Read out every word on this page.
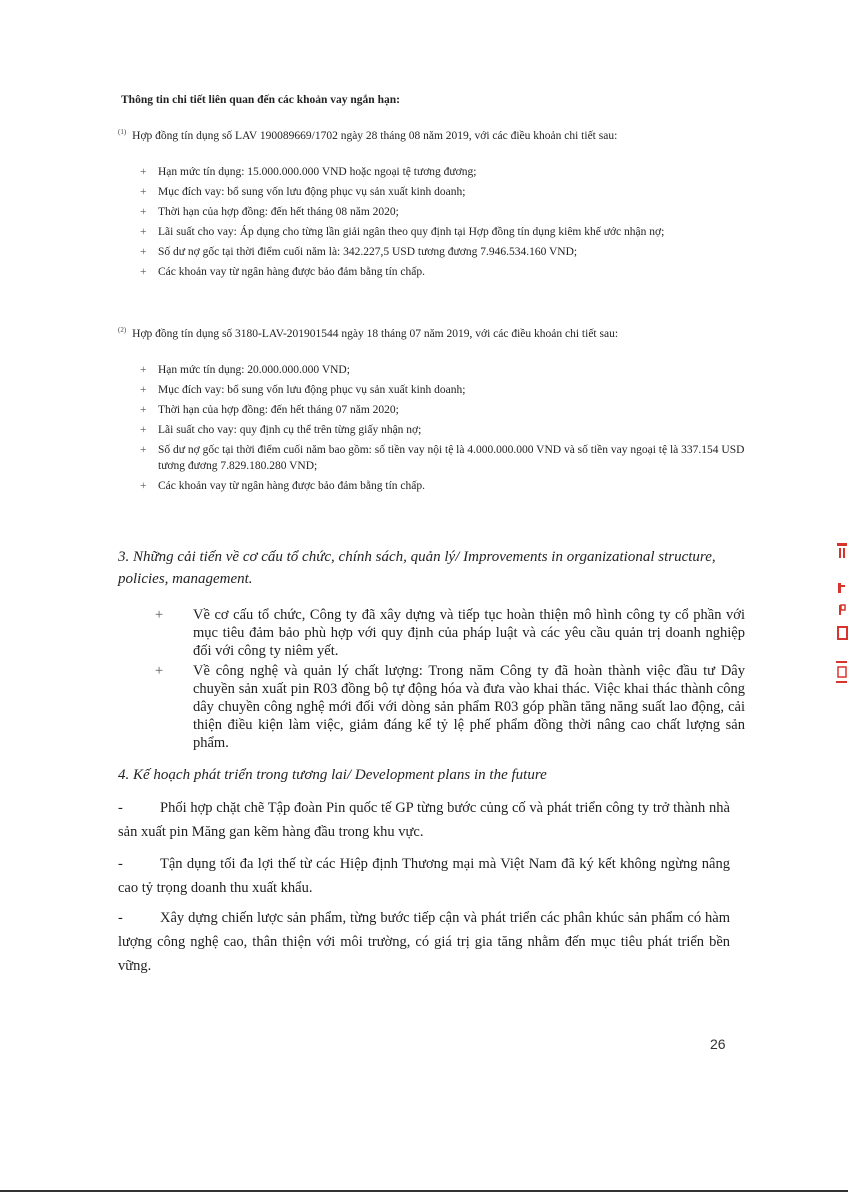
Thông tin chi tiết liên quan đến các khoản vay ngắn hạn:
$^{(1)}$ Hợp đồng tín dụng số LAV 190089669/1702 ngày 28 tháng 08 năm 2019, với các điều khoản chi tiết sau:
+ Hạn mức tín dụng: 15.000.000.000 VND hoặc ngoại tệ tương đương;
+ Mục đích vay: bổ sung vốn lưu động phục vụ sản xuất kinh doanh;
+ Thời hạn của hợp đồng: đến hết tháng 08 năm 2020;
+ Lãi suất cho vay: Áp dụng cho từng lần giải ngân theo quy định tại Hợp đồng tín dụng kiêm khế ước nhận nợ;
+ Số dư nợ gốc tại thời điểm cuối năm là: 342.227,5 USD tương đương 7.946.534.160 VND;
+ Các khoản vay từ ngân hàng được bảo đảm bằng tín chấp.
$^{(2)}$ Hợp đồng tín dụng số 3180-LAV-201901544 ngày 18 tháng 07 năm 2019, với các điều khoản chi tiết sau:
+ Hạn mức tín dụng: 20.000.000.000 VND;
+ Mục đích vay: bổ sung vốn lưu động phục vụ sản xuất kinh doanh;
+ Thời hạn của hợp đồng: đến hết tháng 07 năm 2020;
+ Lãi suất cho vay: quy định cụ thể trên từng giấy nhận nợ;
+ Số dư nợ gốc tại thời điểm cuối năm bao gồm: số tiền vay nội tệ là 4.000.000.000 VND và số tiền vay ngoại tệ là 337.154 USD tương đương 7.829.180.280 VND;
+ Các khoản vay từ ngân hàng được bảo đảm bằng tín chấp.
3. Những cải tiến về cơ cấu tổ chức, chính sách, quản lý/ Improvements in organizational structure, policies, management.
+ Về cơ cấu tổ chức, Công ty đã xây dựng và tiếp tục hoàn thiện mô hình công ty cổ phần với mục tiêu đảm bảo phù hợp với quy định của pháp luật và các yêu cầu quản trị doanh nghiệp đối với công ty niêm yết.
+ Về công nghệ và quản lý chất lượng: Trong năm Công ty đã hoàn thành việc đầu tư Dây chuyền sản xuất pin R03 đồng bộ tự động hóa và đưa vào khai thác. Việc khai thác thành công dây chuyền công nghệ mới đối với dòng sản phẩm R03 góp phần tăng năng suất lao động, cải thiện điều kiện làm việc, giảm đáng kể tỷ lệ phế phẩm đồng thời nâng cao chất lượng sản phẩm.
4. Kế hoạch phát triển trong tương lai/ Development plans in the future
-	Phối hợp chặt chẽ Tập đoàn Pin quốc tế GP từng bước củng cố và phát triển công ty trở thành nhà sản xuất pin Măng gan kẽm hàng đầu trong khu vực.
-	Tận dụng tối đa lợi thế từ các Hiệp định Thương mại mà Việt Nam đã ký kết không ngừng nâng cao tỷ trọng doanh thu xuất khẩu.
-	Xây dựng chiến lược sản phẩm, từng bước tiếp cận và phát triển các phân khúc sản phẩm có hàm lượng công nghệ cao, thân thiện với môi trường, có giá trị gia tăng nhằm đến mục tiêu phát triển bền vững.
26
